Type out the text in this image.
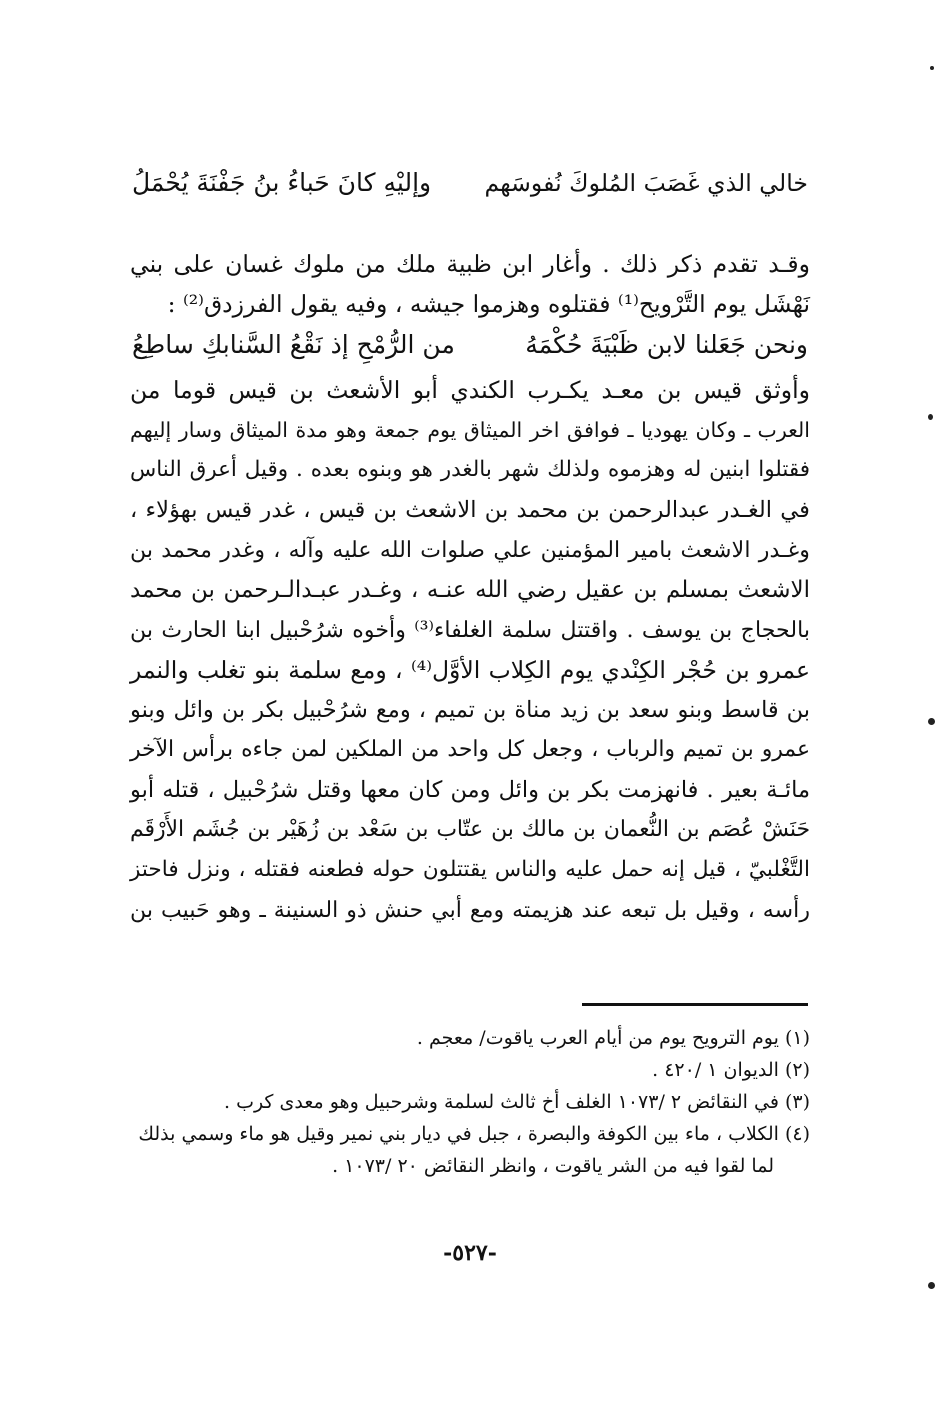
خالي الذي غَصَبَ المُلوكَ نُفوسَهم
وإليْهِ كانَ حَباءُ بنُ جَفْنَةَ يُحْمَلُ
وقـد تقدم ذكر ذلك . وأغار ابن ظبية ملك من ملوك غسان على بني
نَهْشَل يوم التَّرْويح⁽¹⁾ فقتلوه وهزموا جيشه ، وفيه يقول الفرزدق⁽²⁾ :
ونحن جَعَلنا لابن ظَبْيَةَ حُكْمَهُ
من الرُّمْحِ إذ نَقْعُ السَّنابكِ ساطِعُ
وأوثق قيس بن معـد يكـرب الكندي أبو الأشعث بن قيس قوما من
العرب ـ وكان يهوديا ـ فوافق اخر الميثاق يوم جمعة وهو مدة الميثاق وسار إليهم
فقتلوا ابنين له وهزموه ولذلك شهر بالغدر هو وبنوه بعده . وقيل أعرق الناس
في الغـدر عبدالرحمن بن محمد بن الاشعث بن قيس ، غدر قيس بهؤلاء ،
وغـدر الاشعث بامير المؤمنين علي صلوات الله عليه وآله ، وغدر محمد بن
الاشعث بمسلم بن عقيل رضي الله عنـه ، وغـدر عبـدالـرحمن بن محمد
بالحجاج بن يوسف . واقتتل سلمة الغلفاء⁽³⁾ وأخوه شرُحْبيل ابنا الحارث بن
عمرو بن حُجْر الكِنْدي يوم الكِلاب الأوَّل⁽⁴⁾ ، ومع سلمة بنو تغلب والنمر
بن قاسط وبنو سعد بن زيد مناة بن تميم ، ومع شرُحْبيل بكر بن وائل وبنو
عمرو بن تميم والرباب ، وجعل كل واحد من الملكين لمن جاءه برأس الآخر
مائـة بعير . فانهزمت بكر بن وائل ومن كان معها وقتل شرُحْبيل ، قتله أبو
حَنَشْ عُصَم بن النُّعمان بن مالك بن عتّاب بن سَعْد بن زُهَيْر بن جُشَم الأَرْقَم
التَّغْلبيّ ، قيل إنه حمل عليه والناس يقتتلون حوله فطعنه فقتله ، ونزل فاحتز
رأسه ، وقيل بل تبعه عند هزيمته ومع أبي حنش ذو السنينة ـ وهو حَبيب بن
(١) يوم الترويح يوم من أيام العرب ياقوت/ معجم .
(٢) الديوان ١ /٤٢٠ .
(٣) في النقائض ٢ /١٠٧٣ الغلف أخ ثالث لسلمة وشرحبيل وهو معدى كرب .
(٤) الكلاب ، ماء بين الكوفة والبصرة ، جبل في ديار بني نمير وقيل هو ماء وسمي بذلك
لما لقوا فيه من الشر ياقوت ، وانظر النقائض ٢٠ /١٠٧٣ .
-٥٢٧-
